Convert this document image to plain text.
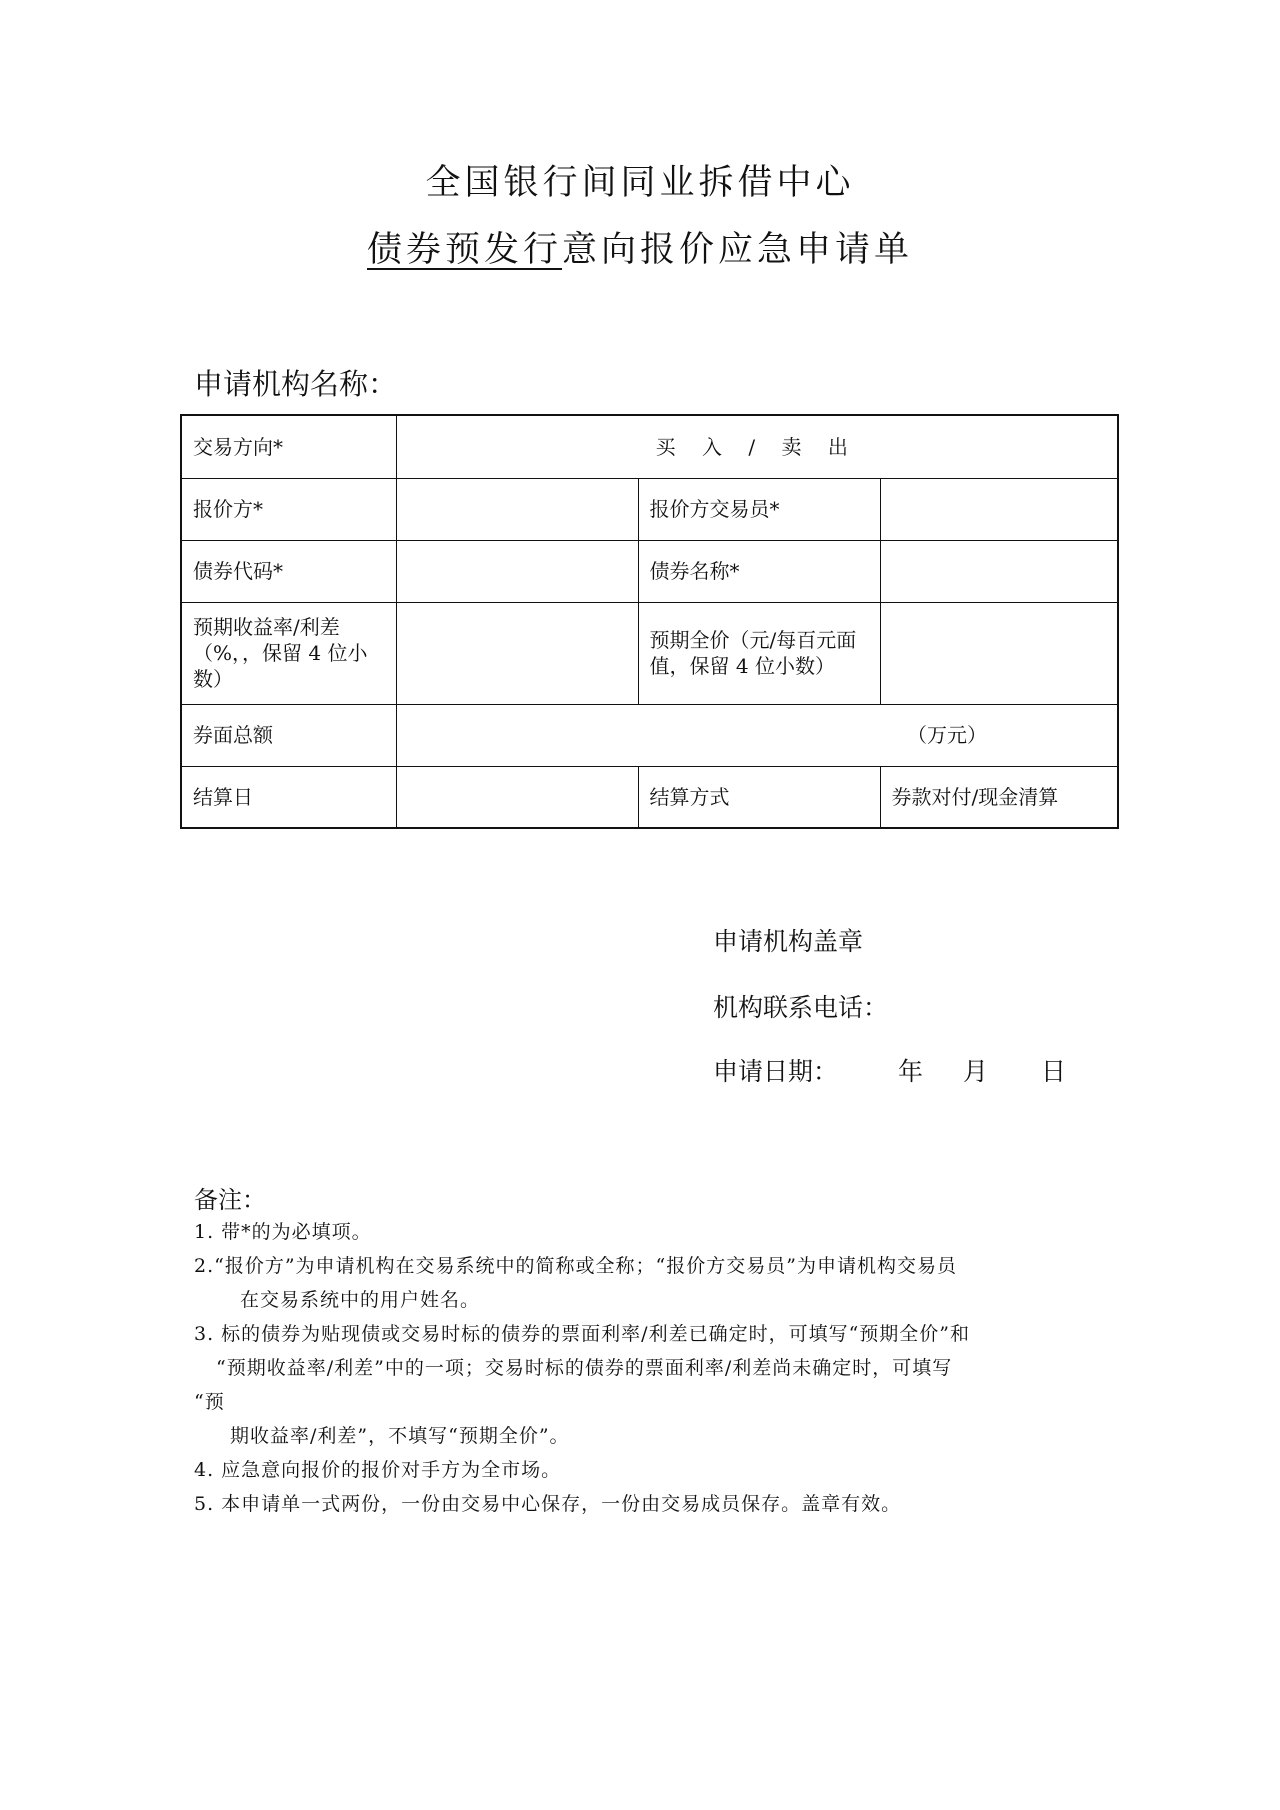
全国银行间同业拆借中心
债券预发行意向报价应急申请单
申请机构名称：
交易方向*	买 入 / 卖 出		
报价方*		报价方交易员*	
债券代码*		债券名称*	
预期收益率/利差（%，，保留 4 位小数）		预期全价（元/每百元面值，保留 4 位小数）	
券面总额	（万元）		
结算日		结算方式	券款对付/现金清算
申请机构盖章
机构联系电话：
申请日期： 年 月 日
备注：
1. 带*的为必填项。
2.“报价方”为申请机构在交易系统中的简称或全称；“报价方交易员”为申请机构交易员
在交易系统中的用户姓名。
3. 标的债券为贴现债或交易时标的债券的票面利率/利差已确定时，可填写“预期全价”和
“预期收益率/利差”中的一项；交易时标的债券的票面利率/利差尚未确定时，可填写
“预
期收益率/利差”，不填写“预期全价”。
4. 应急意向报价的报价对手方为全市场。
5. 本申请单一式两份，一份由交易中心保存，一份由交易成员保存。盖章有效。
